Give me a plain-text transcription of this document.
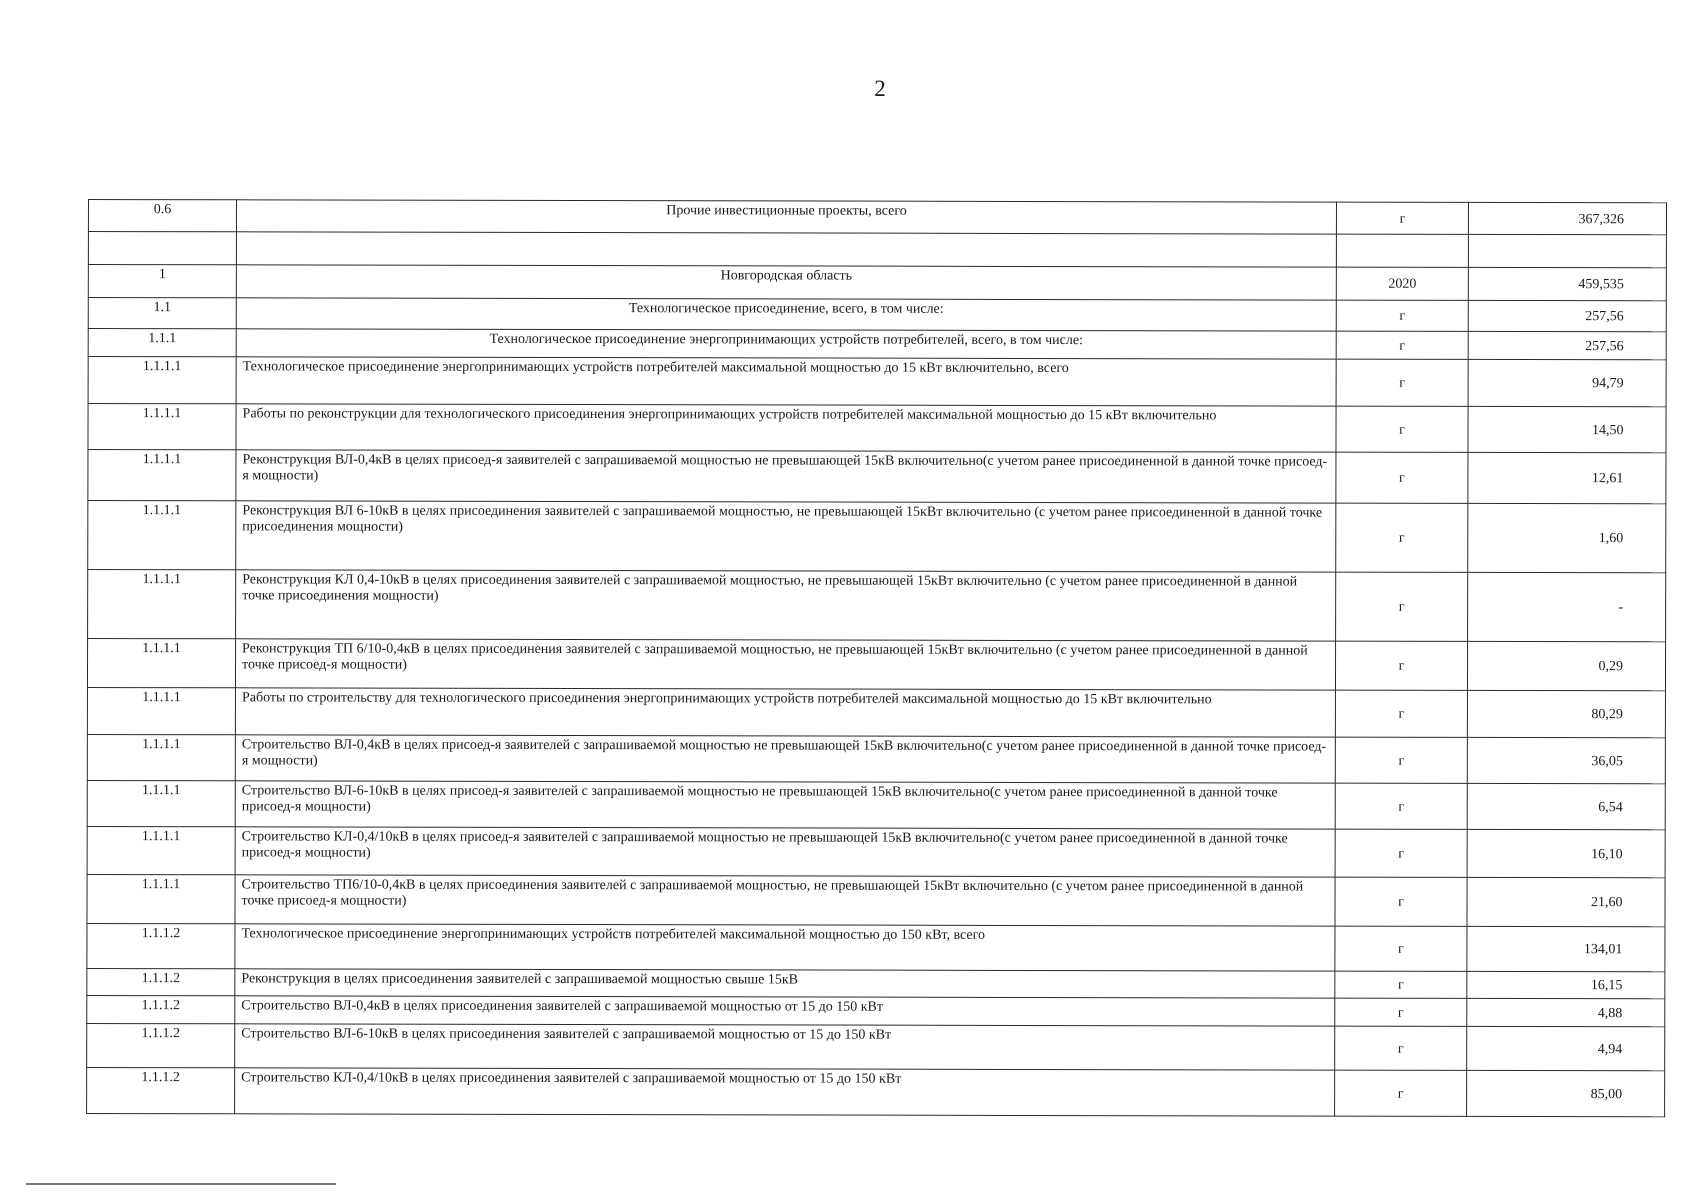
2
0.6	Прочие инвестиционные проекты, всего	г	367,326

1	Новгородская область	2020	459,535
1.1	Технологическое присоединение, всего, в том числе:	г	257,56
1.1.1	Технологическое присоединение энергопринимающих устройств потребителей, всего, в том числе:	г	257,56
1.1.1.1	Технологическое присоединение энергопринимающих устройств потребителей максимальной мощностью до 15 кВт включительно, всего	г	94,79
1.1.1.1	Работы по реконструкции для технологического присоединения энергопринимающих устройств потребителей максимальной мощностью до 15 кВт включительно	г	14,50
1.1.1.1	Реконструкция ВЛ-0,4кВ в целях присоед-я заявителей с запрашиваемой мощностью не превышающей 15кВ включительно(с учетом ранее присоединенной в данной точке присоед-я мощности)	г	12,61
1.1.1.1	Реконструкция ВЛ 6-10кВ в целях присоединения заявителей с запрашиваемой мощностью, не превышающей 15кВт включительно (с учетом ранее присоединенной в данной точке присоединения мощности)	г	1,60
1.1.1.1	Реконструкция КЛ 0,4-10кВ в целях присоединения заявителей с запрашиваемой мощностью, не превышающей 15кВт включительно (с учетом ранее присоединенной в данной точке присоединения мощности)	г	-
1.1.1.1	Реконструкция ТП 6/10-0,4кВ в целях присоединения заявителей с запрашиваемой мощностью, не превышающей 15кВт включительно (с учетом ранее присоединенной в данной точке присоед-я мощности)	г	0,29
1.1.1.1	Работы по строительству для технологического присоединения энергопринимающих устройств потребителей максимальной мощностью до 15 кВт включительно	г	80,29
1.1.1.1	Строительство ВЛ-0,4кВ в целях присоед-я заявителей с запрашиваемой мощностью не превышающей 15кВ включительно(с учетом ранее присоединенной в данной точке присоед-я мощности)	г	36,05
1.1.1.1	Строительство ВЛ-6-10кВ в целях присоед-я заявителей с запрашиваемой мощностью не превышающей 15кВ включительно(с учетом ранее присоединенной в данной точке присоед-я мощности)	г	6,54
1.1.1.1	Строительство КЛ-0,4/10кВ в целях присоед-я заявителей с запрашиваемой мощностью не превышающей 15кВ включительно(с учетом ранее присоединенной в данной точке присоед-я мощности)	г	16,10
1.1.1.1	Строительство ТП6/10-0,4кВ в целях присоединения заявителей с запрашиваемой мощностью, не превышающей 15кВт включительно (с учетом ранее присоединенной в данной точке присоед-я мощности)	г	21,60
1.1.1.2	Технологическое присоединение энергопринимающих устройств потребителей максимальной мощностью до 150 кВт, всего	г	134,01
1.1.1.2	Реконструкция в целях присоединения заявителей с запрашиваемой мощностью свыше 15кВ	г	16,15
1.1.1.2	Строительство ВЛ-0,4кВ в целях присоединения заявителей с запрашиваемой мощностью от 15 до 150 кВт	г	4,88
1.1.1.2	Строительство ВЛ-6-10кВ в целях присоединения заявителей с запрашиваемой мощностью от 15 до 150 кВт	г	4,94
1.1.1.2	Строительство КЛ-0,4/10кВ в целях присоединения заявителей с запрашиваемой мощностью от 15 до 150 кВт	г	85,00
